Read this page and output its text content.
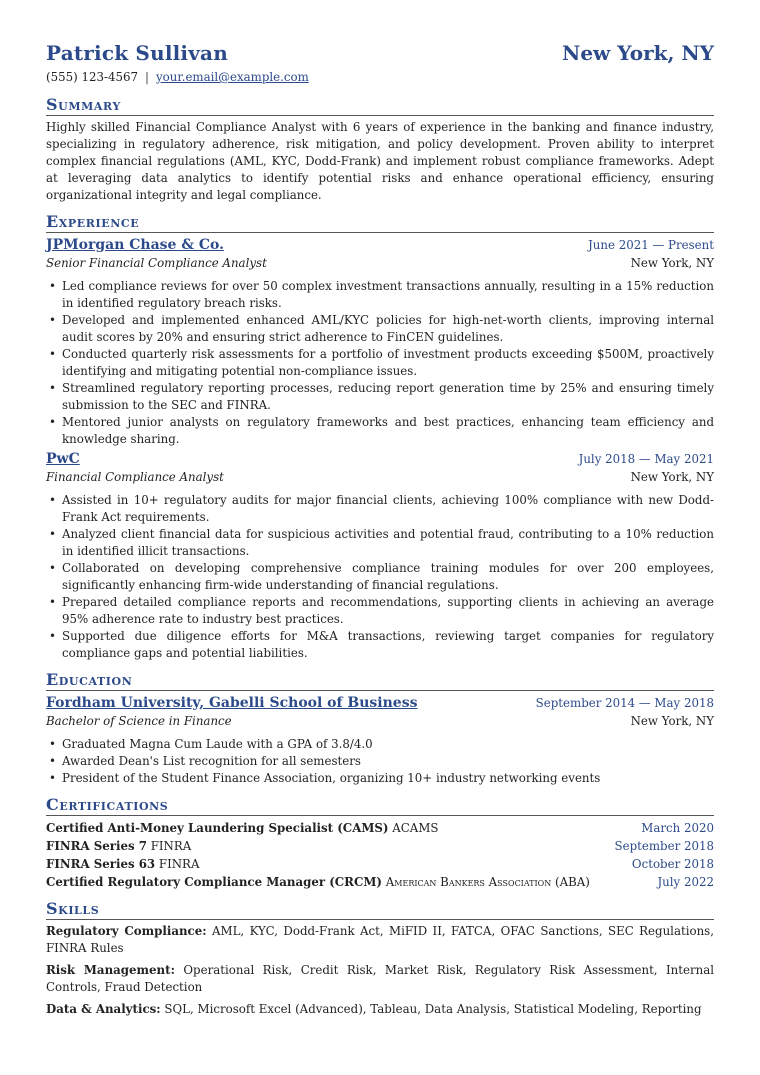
Patrick Sullivan	New York, NY
(555) 123-4567 | your.email@example.com
Summary

Highly skilled Financial Compliance Analyst with 6 years of experience in the banking and finance industry, specializing in regulatory adherence, risk mitigation, and policy development. Proven ability to interpret complex financial regulations (AML, KYC, Dodd-Frank) and implement robust compliance frameworks. Adept at leveraging data analytics to identify potential risks and enhance operational efficiency, ensuring organizational integrity and legal compliance.

Experience
JPMorgan Chase & Co.	June 2021 — Present
Senior Financial Compliance Analyst	New York, NY
• Led compliance reviews for over 50 complex investment transactions annually, resulting in a 15% reduction in identified regulatory breach risks.
• Developed and implemented enhanced AML/KYC policies for high-net-worth clients, improving internal audit scores by 20% and ensuring strict adherence to FinCEN guidelines.
• Conducted quarterly risk assessments for a portfolio of investment products exceeding $500M, proactively identifying and mitigating potential non-compliance issues.
• Streamlined regulatory reporting processes, reducing report generation time by 25% and ensuring timely submission to the SEC and FINRA.
• Mentored junior analysts on regulatory frameworks and best practices, enhancing team efficiency and knowledge sharing.
PwC	July 2018 — May 2021
Financial Compliance Analyst	New York, NY
• Assisted in 10+ regulatory audits for major financial clients, achieving 100% compliance with new Dodd-Frank Act requirements.
• Analyzed client financial data for suspicious activities and potential fraud, contributing to a 10% reduction in identified illicit transactions.
• Collaborated on developing comprehensive compliance training modules for over 200 employees, significantly enhancing firm-wide understanding of financial regulations.
• Prepared detailed compliance reports and recommendations, supporting clients in achieving an average 95% adherence rate to industry best practices.
• Supported due diligence efforts for M&A transactions, reviewing target companies for regulatory compliance gaps and potential liabilities.
Education
Fordham University, Gabelli School of Business	September 2014 — May 2018
Bachelor of Science in Finance	New York, NY
• Graduated Magna Cum Laude with a GPA of 3.8/4.0
• Awarded Dean's List recognition for all semesters
• President of the Student Finance Association, organizing 10+ industry networking events
Certifications
Certified Anti-Money Laundering Specialist (CAMS) ACAMS	March 2020
FINRA Series 7 FINRA	September 2018
FINRA Series 63 FINRA	October 2018
Certified Regulatory Compliance Manager (CRCM) American Bankers Association (ABA)	July 2022
Skills

Regulatory Compliance: AML, KYC, Dodd-Frank Act, MiFID II, FATCA, OFAC Sanctions, SEC Regulations, FINRA Rules

Risk Management: Operational Risk, Credit Risk, Market Risk, Regulatory Risk Assessment, Internal Controls, Fraud Detection

Data & Analytics: SQL, Microsoft Excel (Advanced), Tableau, Data Analysis, Statistical Modeling, Reporting
